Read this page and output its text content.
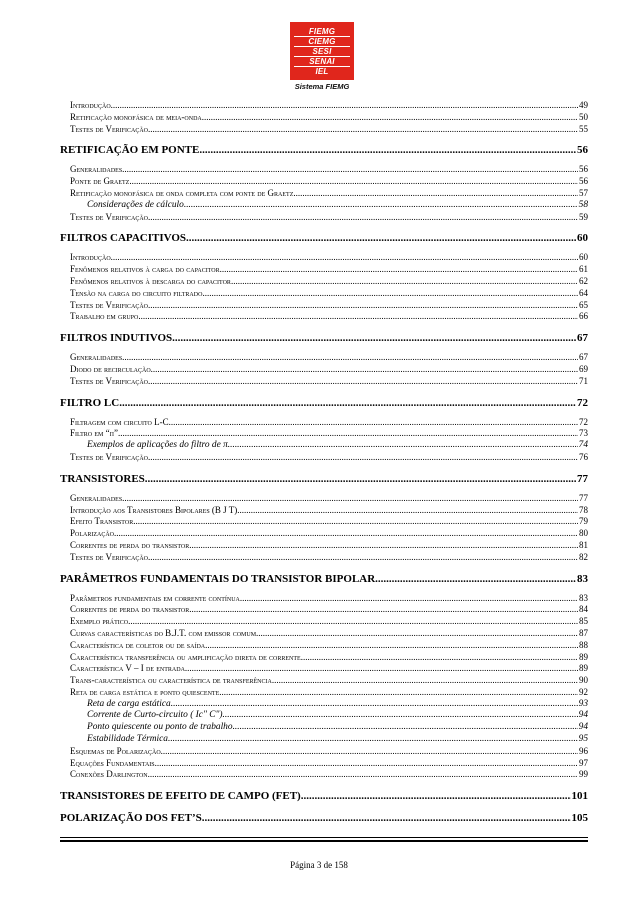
FIEMG
CIEMG
SESI
SENAI
IEL
Sistema FIEMG
Introdução .....	49
Retificação monofásica de meia-onda .....	50
Testes de Verificação .....	55
RETIFICAÇÃO EM PONTE .....	56
Generalidades .....	56
Ponte de Graetz .....	56
Retificação monofásica de onda completa com ponte de Graetz .....	57
Considerações de cálculo .....	58
Testes de Verificação .....	59
FILTROS CAPACITIVOS .....	60
Introdução .....	60
Fenômenos relativos à carga do capacitor .....	61
Fenômenos relativos à descarga do capacitor .....	62
Tensão na carga do circuito filtrado .....	64
Testes de Verificação .....	65
Trabalho em grupo. .....	66
FILTROS INDUTIVOS .....	67
Generalidades .....	67
Diodo de recirculação .....	69
Testes de Verificação .....	71
FILTRO LC .....	72
Filtragem com circuito L-C .....	72
Filtro em “π” .....	73
Exemplos de aplicações do filtro de π .....	74
Testes de Verificação .....	76
TRANSISTORES .....	77
Generalidades .....	77
Introdução aos Transistores Bipolares (B J T) .....	78
Efeito Transistor .....	79
Polarização .....	80
Correntes de perda do transistor .....	81
Testes de Verificação .....	82
PARÂMETROS FUNDAMENTAIS DO TRANSISTOR BIPOLAR .....	83
Parâmetros fundamentais em corrente contínua. .....	83
Correntes de perda do transistor .....	84
Exemplo prático .....	85
Curvas características do B.J.T. com emissor comum .....	87
Característica de coletor ou de saída .....	88
Característica transferência ou amplificação direta de corrente .....	89
Característica V – I de entrada .....	89
Trans-característica ou característica de transferência .....	90
Reta de carga estática e ponto quiescente .....	92
Reta de carga estática .....	93
Corrente de Curto-circuito ( Ic" C"). .....	94
Ponto quiescente ou ponto de trabalho .....	94
Estabilidade Térmica .....	95
Esquemas de Polarização .....	96
Equações Fundamentais .....	97
Conexões Darlington .....	99
TRANSISTORES DE EFEITO DE CAMPO (FET) .....	101
POLARIZAÇÃO DOS FET’S .....	105
Página 3 de 158
